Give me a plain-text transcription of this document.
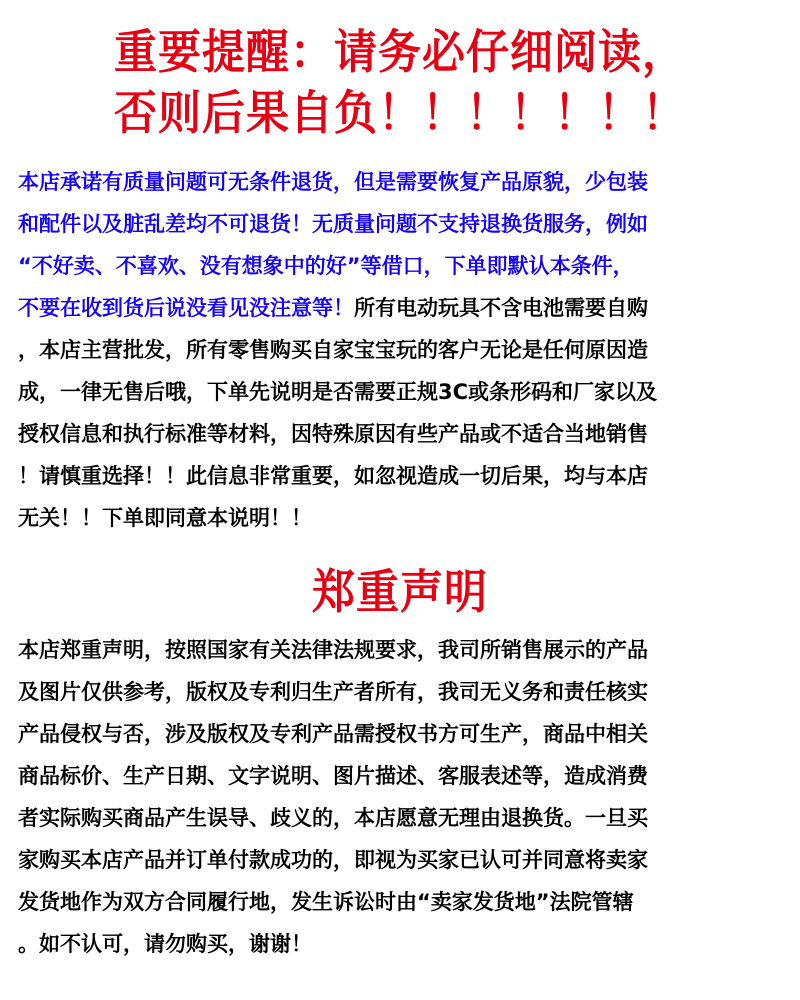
重要提醒：请务必仔细阅读，

否则后果自负！！！！！！！

本店承诺有质量问题可无条件退货，但是需要恢复产品原貌，少包装
和配件以及脏乱差均不可退货！无质量问题不支持退换货服务，例如
“不好卖、不喜欢、没有想象中的好”等借口，下单即默认本条件，
不要在收到货后说没看见没注意等！所有电动玩具不含电池需要自购
，本店主营批发，所有零售购买自家宝宝玩的客户无论是任何原因造
成，一律无售后哦，下单先说明是否需要正规3C或条形码和厂家以及
授权信息和执行标准等材料，因特殊原因有些产品或不适合当地销售
！请慎重选择！！此信息非常重要，如忽视造成一切后果，均与本店
无关！！下单即同意本说明！！

郑重声明

本店郑重声明，按照国家有关法律法规要求，我司所销售展示的产品
及图片仅供参考，版权及专利归生产者所有，我司无义务和责任核实
产品侵权与否，涉及版权及专利产品需授权书方可生产，商品中相关
商品标价、生产日期、文字说明、图片描述、客服表述等，造成消费
者实际购买商品产生误导、歧义的，本店愿意无理由退换货。一旦买
家购买本店产品并订单付款成功的，即视为买家已认可并同意将卖家
发货地作为双方合同履行地，发生诉讼时由“卖家发货地”法院管辖
。如不认可，请勿购买，谢谢！
